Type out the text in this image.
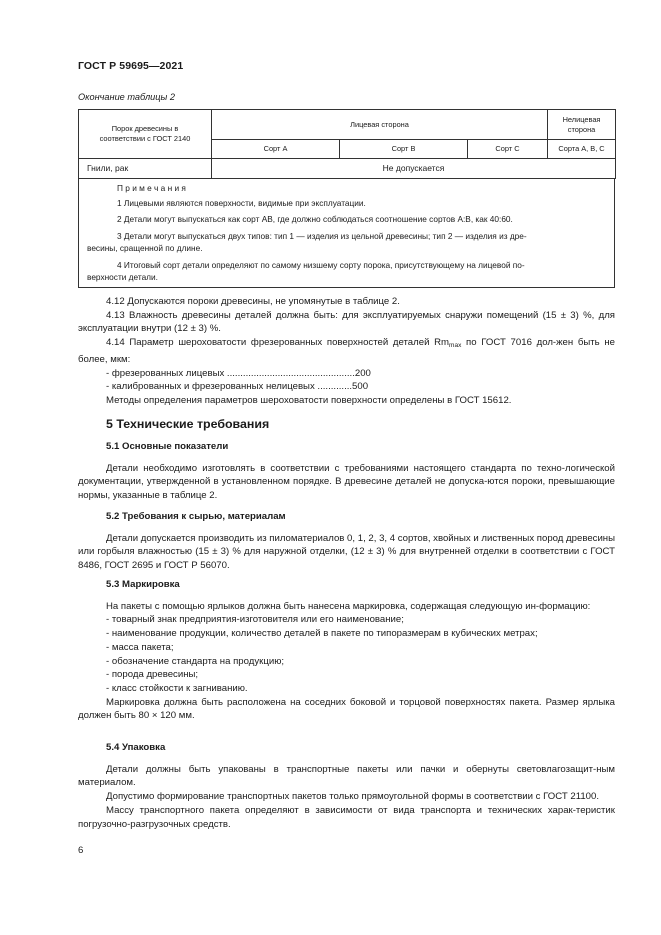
ГОСТ Р 59695—2021
Окончание таблицы 2
Порок древесины в соответствии с ГОСТ 2140	Лицевая сторона			Нелицевая сторона
	Сорт А	Сорт В	Сорт С	Сорта А, В, С
Гнили, рак	Не допускается			
П р и м е ч а н и я
1 Лицевыми являются поверхности, видимые при эксплуатации.
2 Детали могут выпускаться как сорт АВ, где должно соблюдаться соотношение сортов А:В, как 40:60.
3 Детали могут выпускаться двух типов: тип 1 — изделия из цельной древесины; тип 2 — изделия из дре-
весины, сращенной по длине.
4 Итоговый сорт детали определяют по самому низшему сорту порока, присутствующему на лицевой по-
верхности детали.

4.12 Допускаются пороки древесины, не упомянутые в таблице 2.

4.13 Влажность древесины деталей должна быть: для эксплуатируемых снаружи помещений (15 ± 3) %, для эксплуатации внутри (12 ± 3) %.

4.14 Параметр шероховатости фрезерованных поверхностей деталей $Rm_{max}$ по ГОСТ 7016 дол-жен быть не более, мкм:

- фрезерованных лицевых ................................................200

- калиброванных и фрезерованных нелицевых .............500

Методы определения параметров шероховатости поверхности определены в ГОСТ 15612.

5 Технические требования
5.1 Основные показатели

Детали необходимо изготовлять в соответствии с требованиями настоящего стандарта по техно-логической документации, утвержденной в установленном порядке. В древесине деталей не допуска-ются пороки, превышающие нормы, указанные в таблице 2.

5.2 Требования к сырью, материалам

Детали допускается производить из пиломатериалов 0, 1, 2, 3, 4 сортов, хвойных и лиственных пород древесины или горбыля влажностью (15 ± 3) % для наружной отделки, (12 ± 3) % для внутренней отделки в соответствии с ГОСТ 8486, ГОСТ 2695 и ГОСТ Р 56070.

5.3 Маркировка

На пакеты с помощью ярлыков должна быть нанесена маркировка, содержащая следующую ин-формацию:

- товарный знак предприятия-изготовителя или его наименование;

- наименование продукции, количество деталей в пакете по типоразмерам в кубических метрах;

- масса пакета;

- обозначение стандарта на продукцию;

- порода древесины;

- класс стойкости к загниванию.

Маркировка должна быть расположена на соседних боковой и торцовой поверхностях пакета. Размер ярлыка должен быть 80 × 120 мм.

5.4 Упаковка

Детали должны быть упакованы в транспортные пакеты или пачки и обернуты световлагозащит-ным материалом.

Допустимо формирование транспортных пакетов только прямоугольной формы в соответствии с ГОСТ 21100.

Массу транспортного пакета определяют в зависимости от вида транспорта и технических харак-теристик погрузочно-разгрузочных средств.

6
